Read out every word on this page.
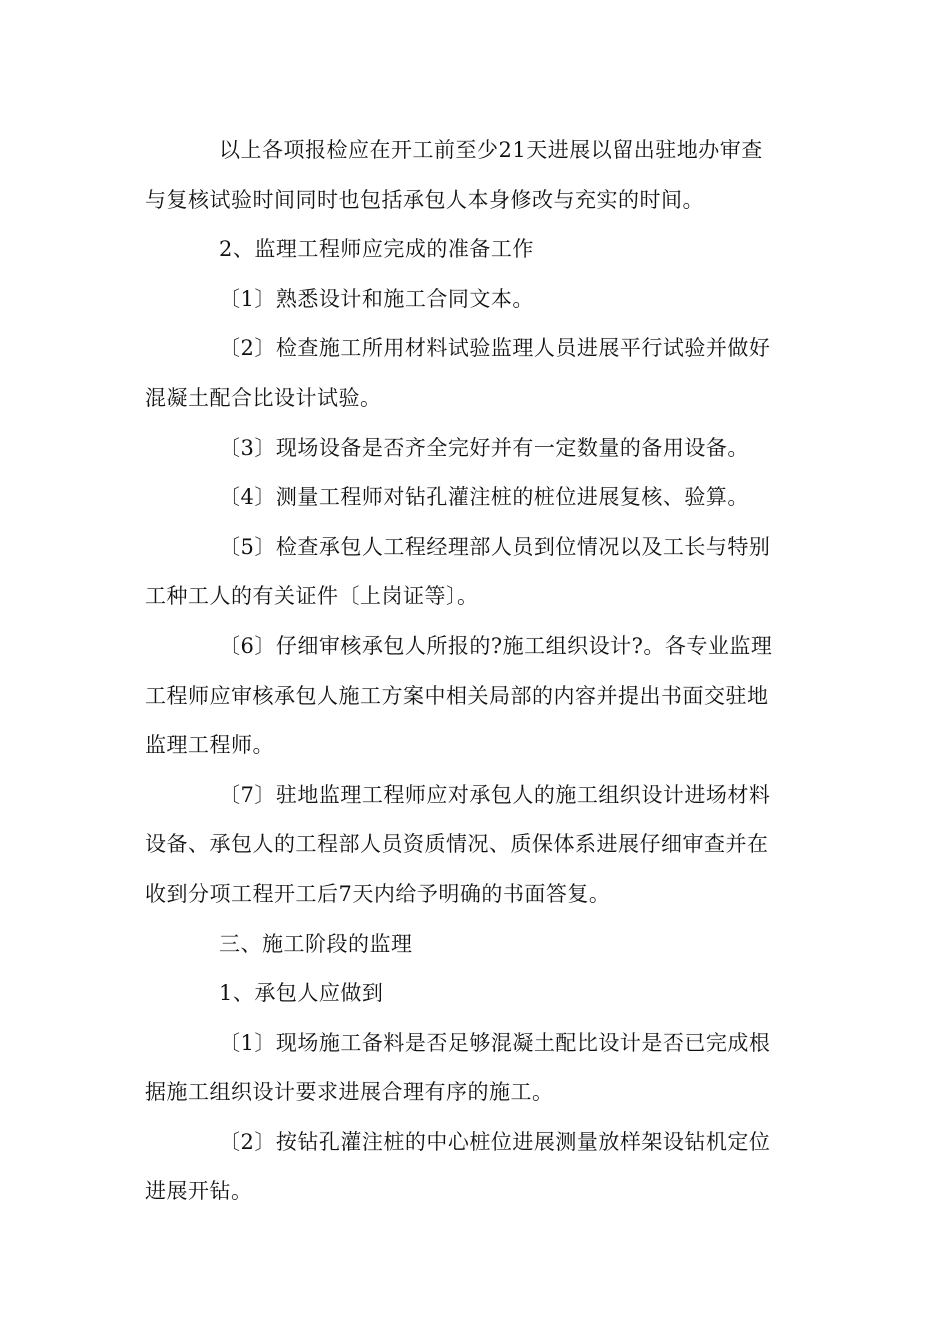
以上各项报检应在开工前至少21天进展以留出驻地办审查
与复核试验时间同时也包括承包人本身修改与充实的时间。

2、监理工程师应完成的准备工作

〔1〕熟悉设计和施工合同文本。

〔2〕检查施工所用材料试验监理人员进展平行试验并做好
混凝土配合比设计试验。

〔3〕现场设备是否齐全完好并有一定数量的备用设备。

〔4〕测量工程师对钻孔灌注桩的桩位进展复核、验算。

〔5〕检查承包人工程经理部人员到位情况以及工长与特别
工种工人的有关证件〔上岗证等〕。

〔6〕仔细审核承包人所报的?施工组织设计?。各专业监理
工程师应审核承包人施工方案中相关局部的内容并提出书面交驻地
监理工程师。

〔7〕驻地监理工程师应对承包人的施工组织设计进场材料
设备、承包人的工程部人员资质情况、质保体系进展仔细审查并在
收到分项工程开工后7天内给予明确的书面答复。

三、施工阶段的监理

1、承包人应做到

〔1〕现场施工备料是否足够混凝土配比设计是否已完成根
据施工组织设计要求进展合理有序的施工。

〔2〕按钻孔灌注桩的中心桩位进展测量放样架设钻机定位
进展开钻。
